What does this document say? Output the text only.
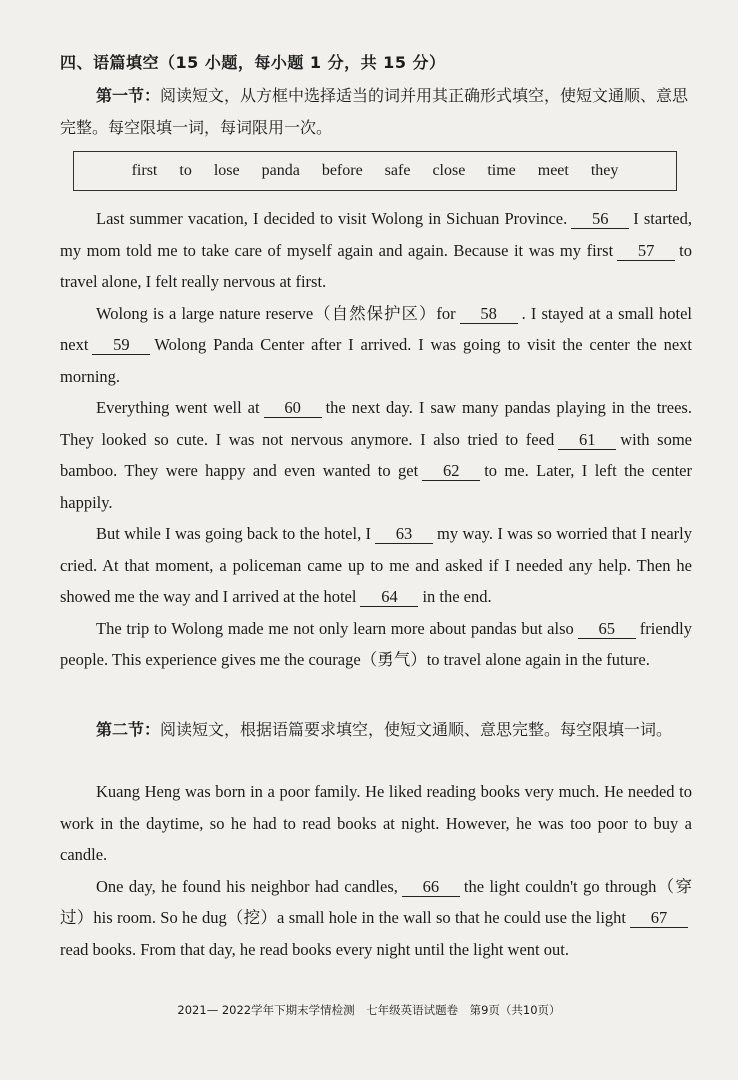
四、语篇填空（15 小题，每小题 1 分，共 15 分）
第一节：阅读短文，从方框中选择适当的词并用其正确形式填空，使短文通顺、意思完整。每空限填一词，每词限用一次。
first to lose panda before safe close time meet they

Last summer vacation, I decided to visit Wolong in Sichuan Province. 56 I started, my mom told me to take care of myself again and again. Because it was my first 57 to travel alone, I felt really nervous at first.

Wolong is a large nature reserve（自然保护区）for 58 . I stayed at a small hotel next 59 Wolong Panda Center after I arrived. I was going to visit the center the next morning.

Everything went well at 60 the next day. I saw many pandas playing in the trees. They looked so cute. I was not nervous anymore. I also tried to feed 61 with some bamboo. They were happy and even wanted to get 62 to me. Later, I left the center happily.

But while I was going back to the hotel, I 63 my way. I was so worried that I nearly cried. At that moment, a policeman came up to me and asked if I needed any help. Then he showed me the way and I arrived at the hotel 64 in the end.

The trip to Wolong made me not only learn more about pandas but also 65 friendly people. This experience gives me the courage（勇气）to travel alone again in the future.

第二节：阅读短文，根据语篇要求填空，使短文通顺、意思完整。每空限填一词。

Kuang Heng was born in a poor family. He liked reading books very much. He needed to work in the daytime, so he had to read books at night. However, he was too poor to buy a candle.

One day, he found his neighbor had candles, 66 the light couldn't go through（穿过）his room. So he dug（挖）a small hole in the wall so that he could use the light 67read books. From that day, he read books every night until the light went out.

2021— 2022学年下期末学情检测　七年级英语试题卷　第9页（共10页）
